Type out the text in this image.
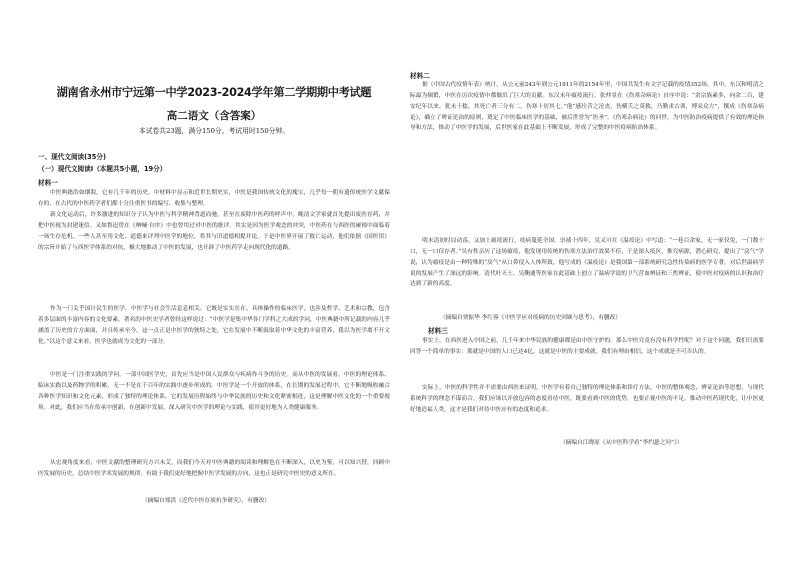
湖南省永州市宁远第一中学2023-2024学年第二学期期中考试题
高二语文（含答案）
本试卷共23题，满分150分。考试用时150分钟。
一、现代文阅读(35分)
（一）现代文阅读I（本题共5小题，19分）
材料一

中医典籍浩如烟海，它有几千年的历史。中材料中显示和近世长期史实，中医是我国传统文化的瑰宝，几乎每一朝有遗传统医学文献保存的，在古代的中医药学者们都十分注重医书的编写、收集与整理。

新文化运动后，许多激进的知识分子认为中医与科学精神背道而驰，甚至在废除中医药的呼声中，晚清文学家就首先提出废医存药，并把中医视为封建迷信。又如鲁迅曾在《呐喊·自序》中也曾用过对中医的批评。其实是因为医学观念的冲突，中医药在与西医的碰撞中面临着一场生存危机。一些人甚至用文化、道德来评判中医学的地位，将其与旧道德相提并论。于是中医界开展了救亡运动，他们依据《国医馆》的宗旨开始了与西医学体系的对抗，极大地推动了中医的发展，也开辟了中医药学走向现代化的道路。

作为一门关乎国计民生的医学，中医学与社会生活息息相关。它既是实实在在、具体操作的临床医学，也涉及哲学、艺术和宗教，包含着多层面的丰富内容的文化要素。著名的中医史学者曾经这样说过：“中医学是集中华各门学科之大成的学问，中医典籍中所记载的内容几乎涵盖了历史的方方面面，并且传承至今。这一点正是中医学的独特之处，它在发展中不断汲取着中华文化的丰富营养，我以为医学离不开文化。”以这个意义来看，医学也就成为文化的一部分。

中医是一门注重实践的学问，一部中国医学史，首先应当是中国人民群众与疾病作斗争的历史。而从中医的发展看，中医的理论体系、临床实践以及药物学的积累，无一不是在千百年的实践中逐步形成的。中医学是一个开放的体系，在长期的发展过程中，它不断地吸收融合各种医学知识和文化元素，形成了独特的理论体系，它的发展历程始终与中华民族的历史和文化紧密相连，这是理解中医文化的一个重要视角。对此，我们应当在传承中创新，在创新中发展，深入研究中医学的理论与实践，使其更好地为人类健康服务。

从宏观角度来看，中医文献的整理研究方兴未艾，而我们今天对中医典籍的阅读和理解也在不断深入，以史为鉴，可以知兴替，回顾中医发展的历史，总结中医学术发展的规律，有助于我们更好地把握中医学发展的方向，这也正是研究中医史的意义所在。

（摘编自郑洪《近代中医存废抗争研究》，有删改）
材料二

据《中国古代疫情年表》统计，从公元前243年到公元1911年的2154年里，中国共发生有文字记载的疫情352场。其中，东汉和明清之际最为频繁，中医在历次疫情中都做出了巨大的贡献。东汉末年瘟疫流行，张仲景在《伤寒杂病论》自序中说：“余宗族素多，向余二百，建安纪年以来，犹未十稔，其死亡者三分有二，伤寒十居其七。”他“感往昔之沦丧，伤横夭之莫救，乃勤求古训，博采众方”，撰成《伤寒杂病论》，确立了辨证论治的原则，奠定了中医临床医学的基础，被后世誉为“医圣”。《伤寒杂病论》的问世，为中医防治疫病提供了有效的理论指导和方法，推动了中医学的发展，后世医家在此基础上不断发展，形成了完整的中医疫病防治体系。

明末清初时局动荡，又加上瘟疫流行，疫病蔓延全国。崇祯十四年，吴又可在《温疫论》中写道：“一巷百余家，无一家仅免，一门数十口，无一口仅存者。”吴有性亲历了这场瘟疫，他发现用传统的伤寒方法治疗效果不佳，于是深入疫区，推究病源，潜心研究，提出了“戾气”学说，认为瘟疫是由一种特殊的“戾气”从口鼻侵入人体所致。他写成的《温疫论》是我国第一部系统研究急性传染病的医学专著，对后世温病学说的发展产生了深远的影响。清代叶天士、吴鞠通等医家在此基础上创立了温病学说的卫气营血辨证和三焦辨证，使中医对疫病的认识和治疗达到了新的高度。

（摘编自贾振华 李红蓉《中医学应对疫病的历史回顾与思考》，有删改）
材料三

事实上，在西医进入中国之前，几千年来中华民族的健康都是由中医守护的。那么中医究竟有没有科学性呢？对于这个问题，我们只需要回答一个简单的事实：那就是中国的人口已达4亿，这就是中医的主要成就。我们有理由相信，这个成就是不可否认的。

实际上，中医的科学性并不需要由西医来证明，中医学有着自己独特的理论体系和诊疗方法，中医的整体观念、辨证论治等思想，与现代系统科学的理念不谋而合。我们应该以开放包容的态度看待中医，既要看到中医的优势，也要正视中医的不足，推动中医药现代化，让中医更好地造福人类，这才是我们对待中医应有的态度和追求。

（摘编自江晓原《从中医科学看“李约瑟之问”》）
